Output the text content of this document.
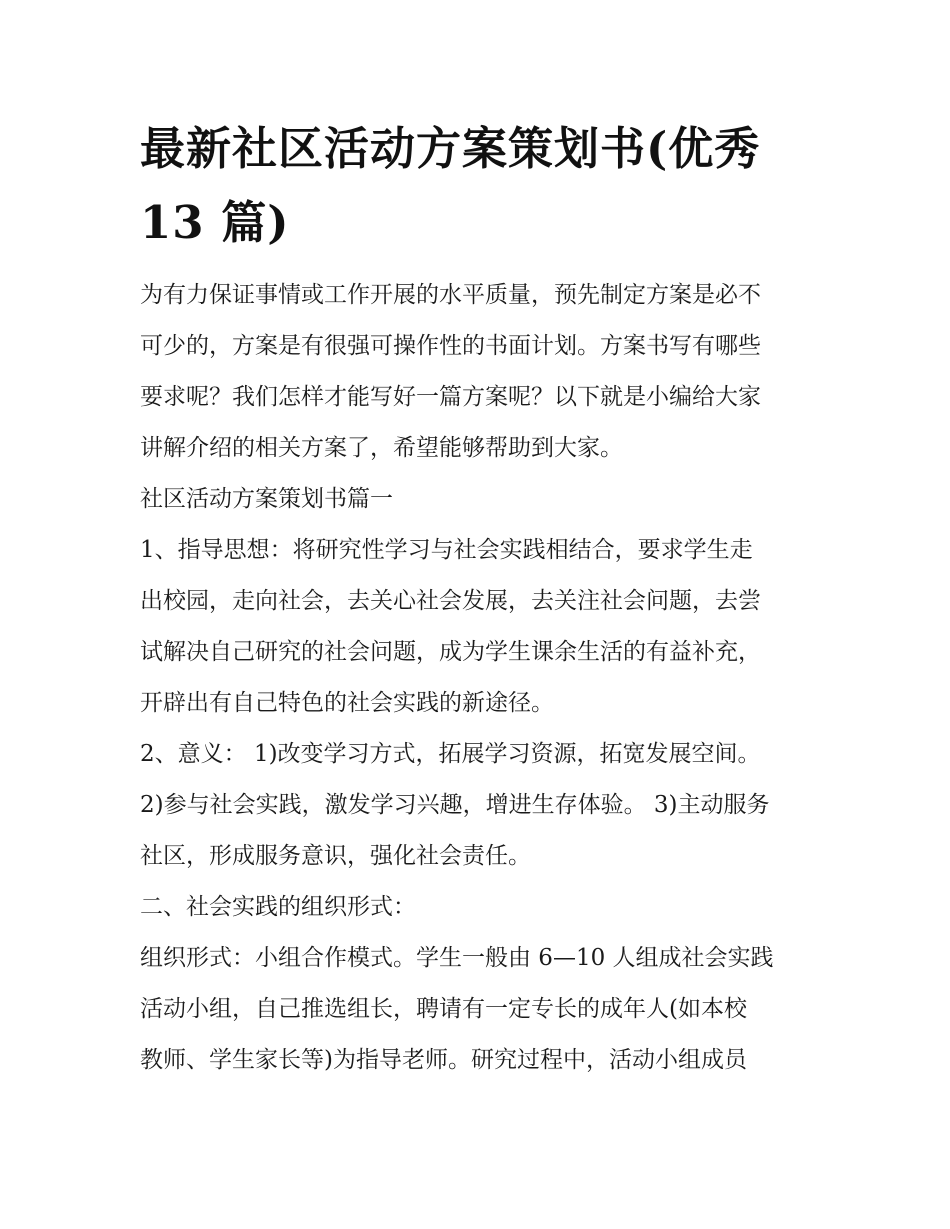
最新社区活动方案策划书(优秀
13 篇)

为有力保证事情或工作开展的水平质量，预先制定方案是必不

可少的，方案是有很强可操作性的书面计划。方案书写有哪些

要求呢？我们怎样才能写好一篇方案呢？以下就是小编给大家

讲解介绍的相关方案了，希望能够帮助到大家。

社区活动方案策划书篇一

1、指导思想：将研究性学习与社会实践相结合，要求学生走

出校园，走向社会，去关心社会发展，去关注社会问题，去尝

试解决自己研究的社会问题，成为学生课余生活的有益补充，

开辟出有自己特色的社会实践的新途径。

2、意义： 1)改变学习方式，拓展学习资源，拓宽发展空间。

2)参与社会实践，激发学习兴趣，增进生存体验。 3)主动服务

社区，形成服务意识，强化社会责任。

二、社会实践的组织形式：

组织形式：小组合作模式。学生一般由 6—10 人组成社会实践

活动小组，自己推选组长，聘请有一定专长的成年人(如本校

教师、学生家长等)为指导老师。研究过程中，活动小组成员
